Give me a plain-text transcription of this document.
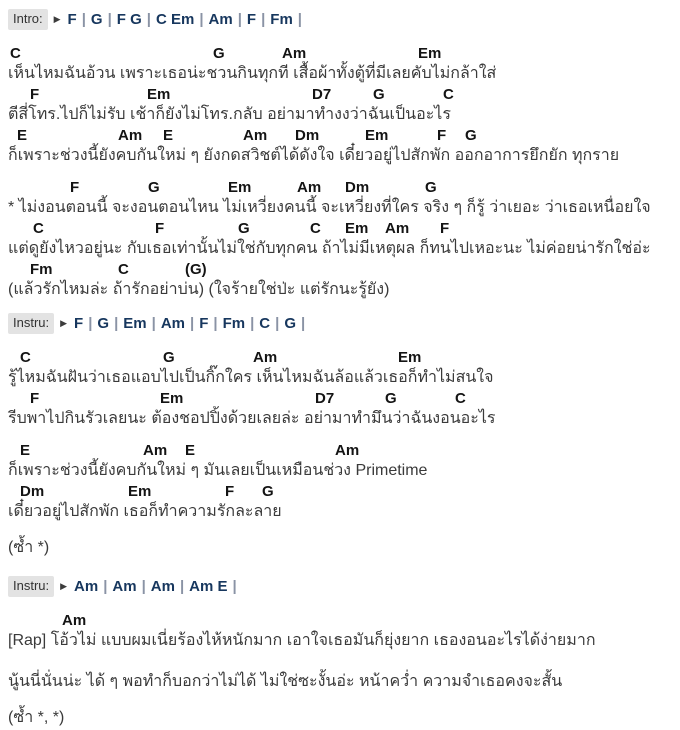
Intro:	▶ F | G | F G | C Em | Am | F | Fm |
C	G	Am	Em
เห็นไหมฉันอ้วน เพราะเธอน่ะชวนกินทุกที เสื้อผ้าทั้งตู้ที่มีเลยคับไม่กล้าใส่
F	Em	D7	G	C
ตีสี่โทร.ไปก็ไม่รับ เช้าก็ยังไม่โทร.กลับ อย่ามาทำงงว่าฉันเป็นอะไร
E	Am E	Am Dm	Em	F G
ก็เพราะช่วงนี้ยังคบกันใหม่ ๆ ยังกดสวิชต์ได้ดังใจ เดี๋ยวอยู่ไปสักพัก ออกอาการยึกยัก ทุกราย
F	G	Em	Am Dm	G
* ไม่งอนตอนนี้ จะงอนตอนไหน ไม่เหวี่ยงคนนี้ จะเหวี่ยงที่ใคร จริง ๆ ก็รู้ ว่าเยอะ ว่าเธอเหนื่อยใจ
C	F	G	C Em Am F
แต่ดูยังไหวอยู่นะ กับเธอเท่านั้นไม่ใช่กับทุกคน ถ้าไม่มีเหตุผล ก็ทนไปเหอะนะ ไม่ค่อยน่ารักใช่อ่ะ
Fm	C	(G)
(แล้วรักไหมล่ะ ถ้ารักอย่าบ่น) (ใจร้ายใช่ป่ะ แต่รักนะรู้ยัง)
Instru:	▶ F | G | Em | Am | F | Fm | C | G |
C	G	Am	Em
รู้ไหมฉันฝันว่าเธอแอบไปเป็นกิ๊กใคร เห็นไหมฉันล้อแล้วเธอก็ทำไม่สนใจ
F	Em	D7	G	C
รีบพาไปกินรัวเลยนะ ต้องชอปปิ้งด้วยเลยล่ะ อย่ามาทำมึนว่าฉันงอนอะไร
E	Am E	Am
ก็เพราะช่วงนี้ยังคบกันใหม่ ๆ มันเลยเป็นเหมือนช่วง Primetime
Dm	Em	F G
เดี๋ยวอยู่ไปสักพัก เธอก็ทำความรักละลาย
(ซ้ำ *)
Instru:	▶ Am | Am | Am | Am E |
Am
[Rap] โอ้วไม่ แบบผมเนี่ยร้องไห้หนักมาก เอาใจเธอมันก็ยุ่งยาก เธองอนอะไรได้ง่ายมาก
นู้นนี่นั่นน่ะ ได้ ๆ พอทำก็บอกว่าไม่ได้ ไม่ใช่ซะงั้นอ่ะ หน้าคว่ำ ความจำเธอคงจะสั้น
(ซ้ำ *, *)
